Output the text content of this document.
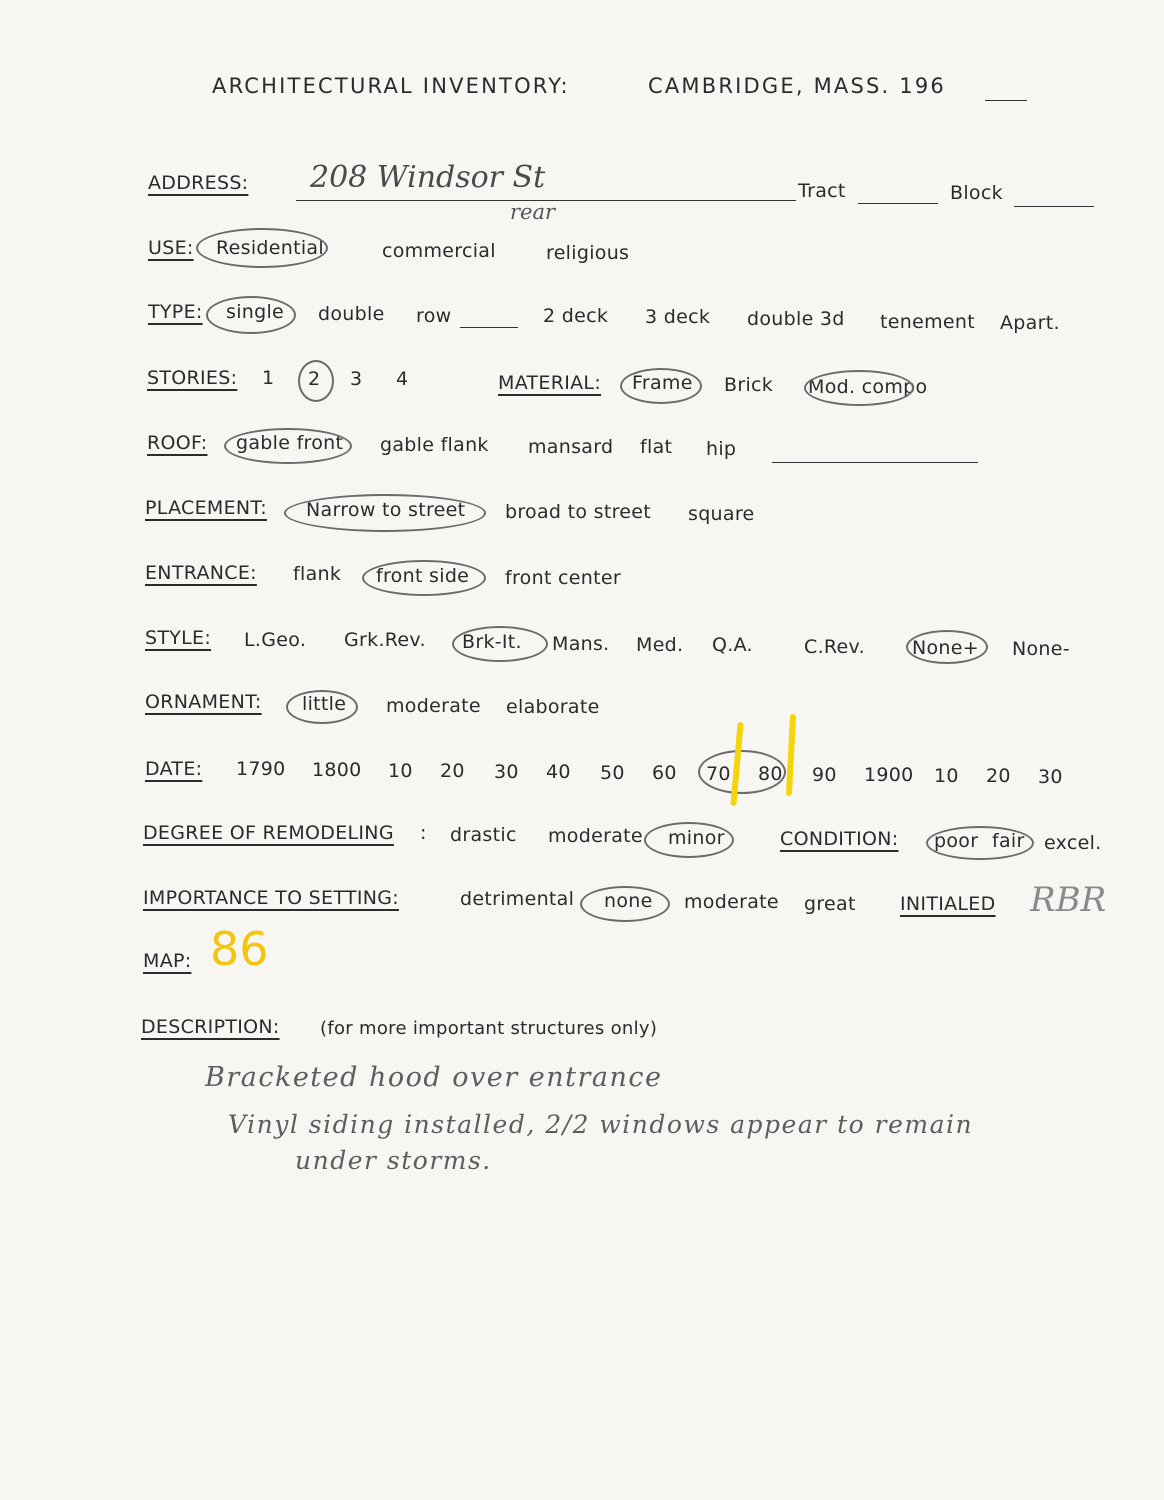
ARCHITECTURAL INVENTORY:	CAMBRIDGE, MASS. 196
ADDRESS: 208 Windsor St
rear
Tract	Block
USE: Residential	commercial	religious
TYPE: single double row	2 deck 3 deck double 3d tenement Apart.
STORIES: 1 2 3 4	MATERIAL: Frame Brick Mod. compo
ROOF: gable front gable flank mansard flat hip
PLACEMENT: Narrow to street broad to street square
ENTRANCE: flank front side front center
STYLE: L.Geo. Grk.Rev. Brk-It. Mans. Med. Q.A.	C.Rev. None+ None-
ORNAMENT: little moderate elaborate
DATE: 1790 1800 10 20 30 40 50 60 70 80 90 1900 10 20 30
DEGREE OF REMODELING : drastic moderate minor	CONDITION: poor fair excel.
IMPORTANCE TO SETTING:	detrimental none moderate great INITIALED RBR
MAP: 86
DESCRIPTION: (for more important structures only)
Bracketed hood over entrance
Vinyl siding installed, 2/2 windows appear to remain
under storms.
